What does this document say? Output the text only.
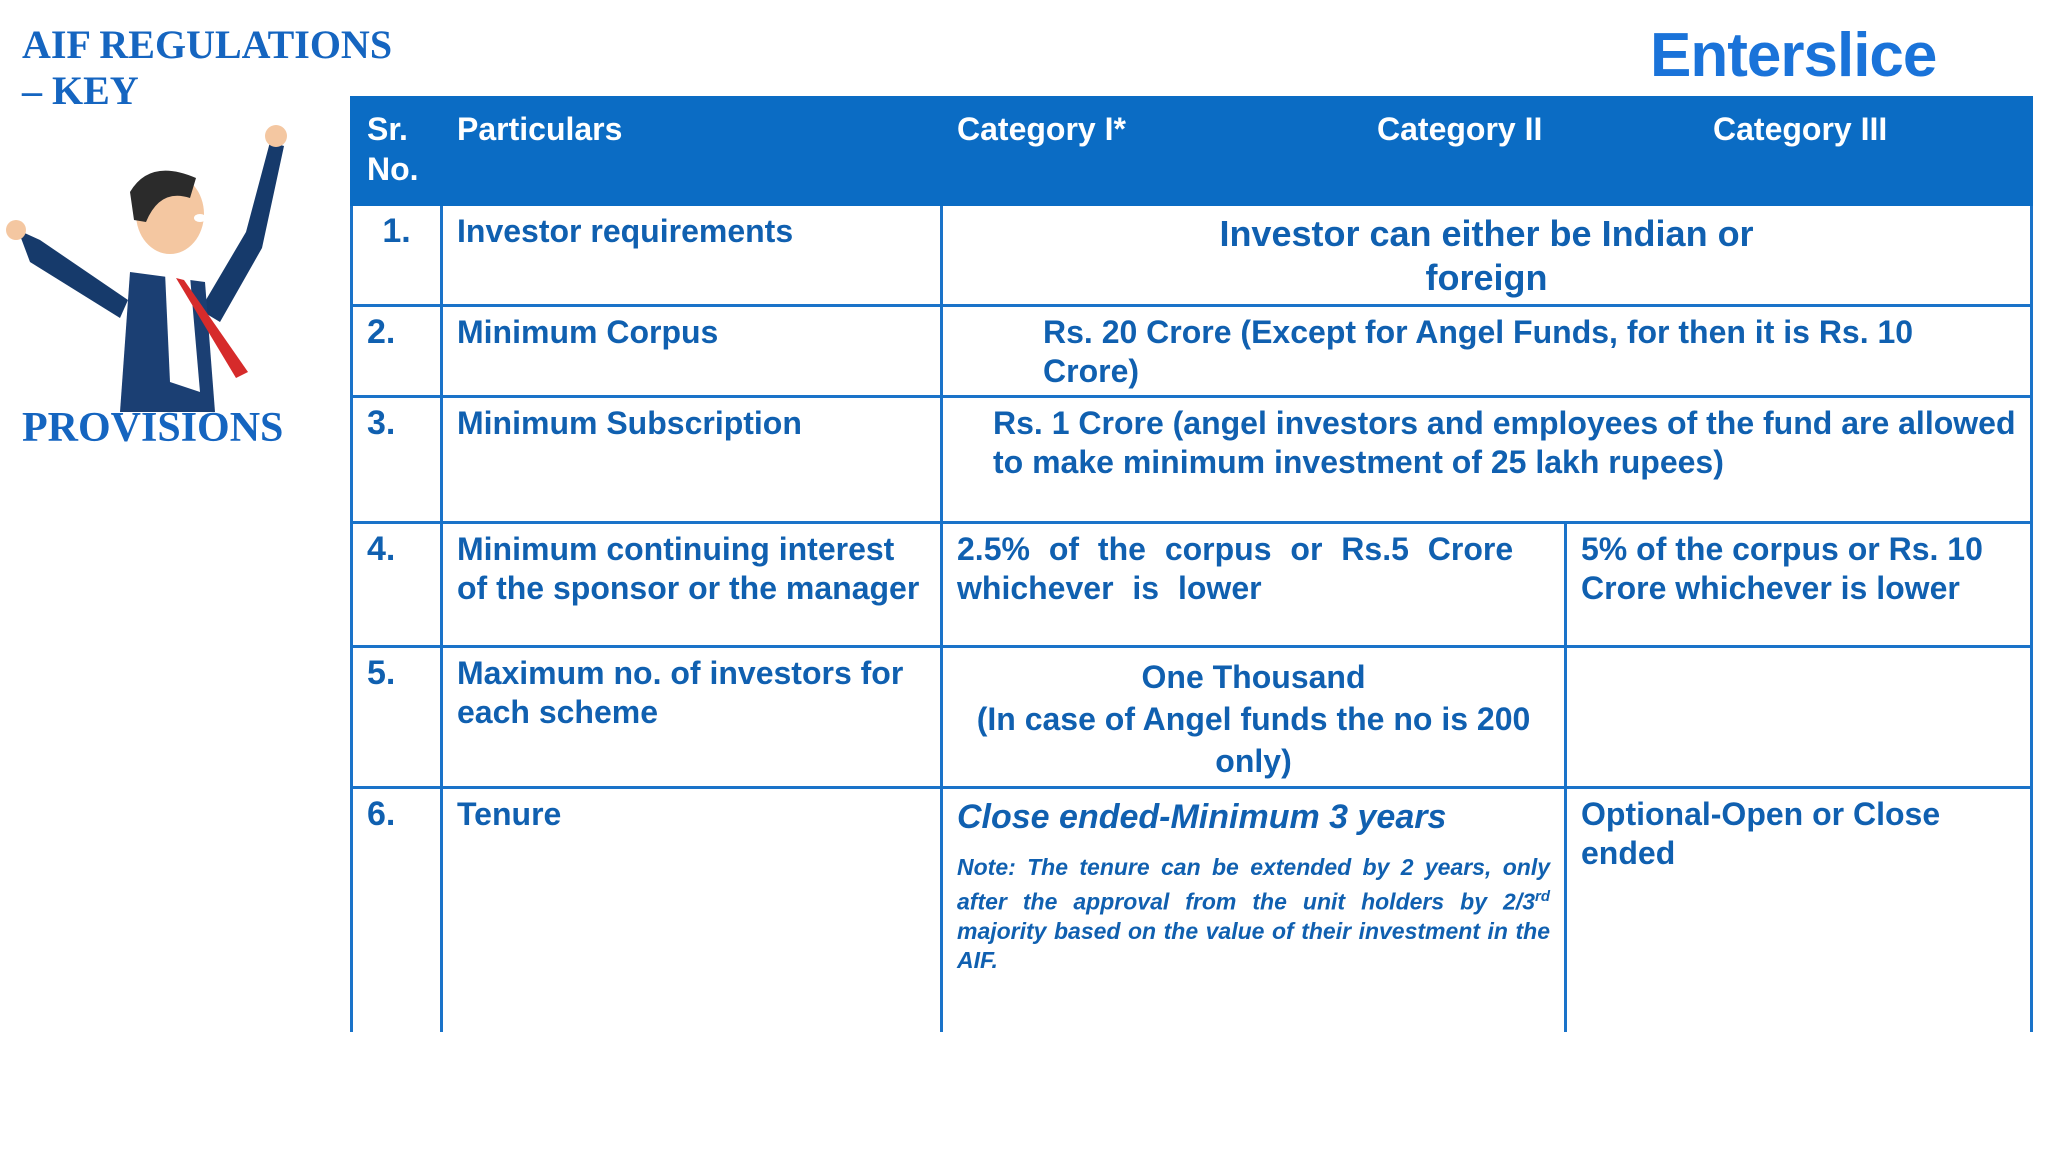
AIF REGULATIONS
– KEY
PROVISIONS
Enterslice
Sr. No.	Particulars	Category I* Category II Category III	

1.	Investor requirements	Investor can either be Indian or foreign	
2.	Minimum Corpus	Rs. 20 Crore (Except for Angel Funds, for then it is Rs. 10 Crore)	
3.	Minimum Subscription	Rs. 1 Crore (angel investors and employees of the fund are allowed to make minimum investment of 25 lakh rupees)	
4.	Minimum continuing interest of the sponsor or the manager	2.5% of the corpus or Rs.5 Crore whichever is lower	5% of the corpus or Rs. 10 Crore whichever is lower
5.	Maximum no. of investors for each scheme	One Thousand
(In case of Angel funds the no is 200 only)	

6.	Tenure	Close ended-Minimum 3 years
Note: The tenure can be extended by 2 years, only after the approval from the unit holders by 2/3rd majority based on the value of their investment in the AIF.	Optional-Open or Close ended
